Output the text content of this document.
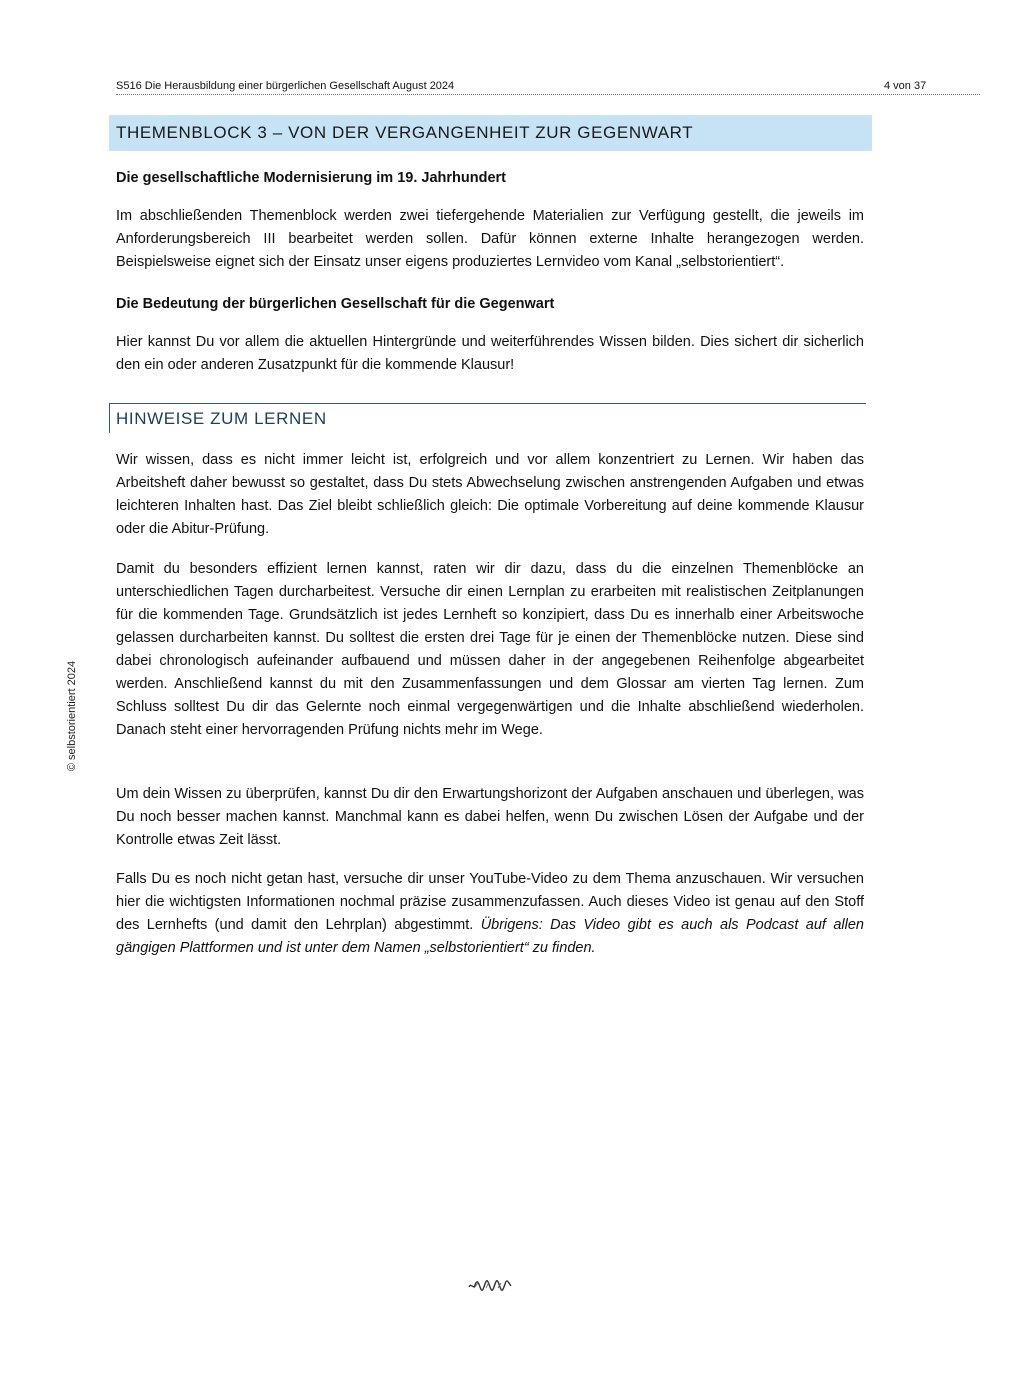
S516 Die Herausbildung einer bürgerlichen Gesellschaft August 2024	4 von 37
THEMENBLOCK 3 – VON DER VERGANGENHEIT ZUR GEGENWART
Die gesellschaftliche Modernisierung im 19. Jahrhundert

Im abschließenden Themenblock werden zwei tiefergehende Materialien zur Verfügung gestellt, die jeweils im Anforderungsbereich III bearbeitet werden sollen. Dafür können externe Inhalte herangezogen werden. Beispielsweise eignet sich der Einsatz unser eigens produziertes Lernvideo vom Kanal „selbstorientiert“.

Die Bedeutung der bürgerlichen Gesellschaft für die Gegenwart

Hier kannst Du vor allem die aktuellen Hintergründe und weiterführendes Wissen bilden. Dies sichert dir sicherlich den ein oder anderen Zusatzpunkt für die kommende Klausur!

HINWEISE ZUM LERNEN

Wir wissen, dass es nicht immer leicht ist, erfolgreich und vor allem konzentriert zu Lernen. Wir haben das Arbeitsheft daher bewusst so gestaltet, dass Du stets Abwechselung zwischen anstrengenden Aufgaben und etwas leichteren Inhalten hast. Das Ziel bleibt schließlich gleich: Die optimale Vorbereitung auf deine kommende Klausur oder die Abitur-Prüfung.

Damit du besonders effizient lernen kannst, raten wir dir dazu, dass du die einzelnen Themenblöcke an unterschiedlichen Tagen durcharbeitest. Versuche dir einen Lernplan zu erarbeiten mit realistischen Zeitplanungen für die kommenden Tage. Grundsätzlich ist jedes Lernheft so konzipiert, dass Du es innerhalb einer Arbeitswoche gelassen durcharbeiten kannst. Du solltest die ersten drei Tage für je einen der Themenblöcke nutzen. Diese sind dabei chronologisch aufeinander aufbauend und müssen daher in der angegebenen Reihenfolge abgearbeitet werden. Anschließend kannst du mit den Zusammenfassungen und dem Glossar am vierten Tag lernen. Zum Schluss solltest Du dir das Gelernte noch einmal vergegenwärtigen und die Inhalte abschließend wiederholen. Danach steht einer hervorragenden Prüfung nichts mehr im Wege.

Um dein Wissen zu überprüfen, kannst Du dir den Erwartungshorizont der Aufgaben anschauen und überlegen, was Du noch besser machen kannst. Manchmal kann es dabei helfen, wenn Du zwischen Lösen der Aufgabe und der Kontrolle etwas Zeit lässt.

Falls Du es noch nicht getan hast, versuche dir unser YouTube-Video zu dem Thema anzuschauen. Wir versuchen hier die wichtigsten Informationen nochmal präzise zusammenzufassen. Auch dieses Video ist genau auf den Stoff des Lernhefts (und damit den Lehrplan) abgestimmt. Übrigens: Das Video gibt es auch als Podcast auf allen gängigen Plattformen und ist unter dem Namen „selbstorientiert“ zu finden.

© selbstorientiert 2024
